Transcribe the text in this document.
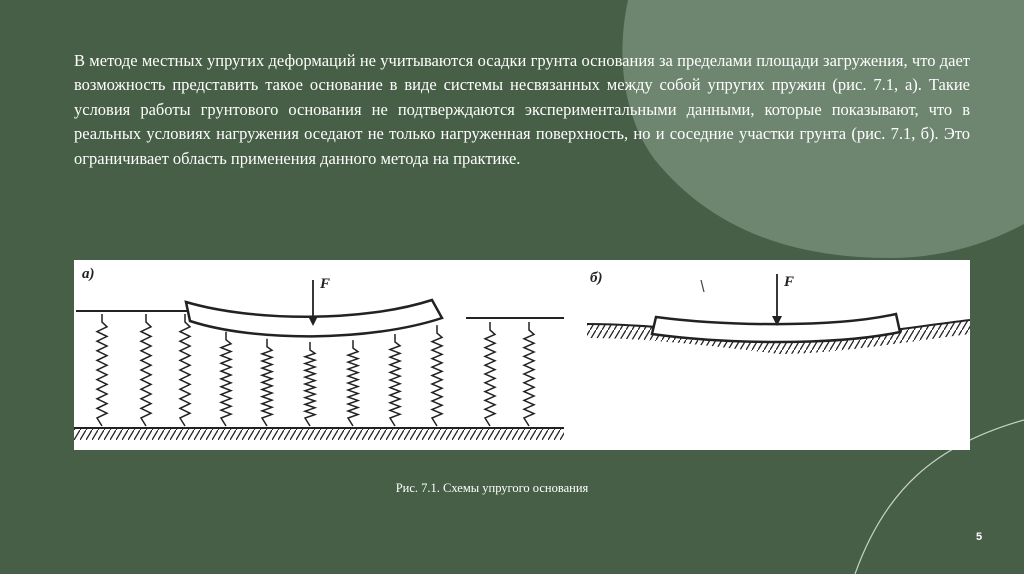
В методе местных упругих деформаций не учитываются осадки грунта основания за пределами площади загружения, что дает возможность представить такое основание в виде системы несвязанных между собой упругих пружин (рис. 7.1, а). Такие условия работы грунтового основания не подтверждаются экспериментальными данными, которые показывают, что в реальных условиях нагружения оседают не только нагруженная поверхность, но и соседние участки грунта (рис. 7.1, б). Это ограничивает область применения данного метода на практике.

а)
F	б)	F
Рис. 7.1. Схемы упругого основания
5
